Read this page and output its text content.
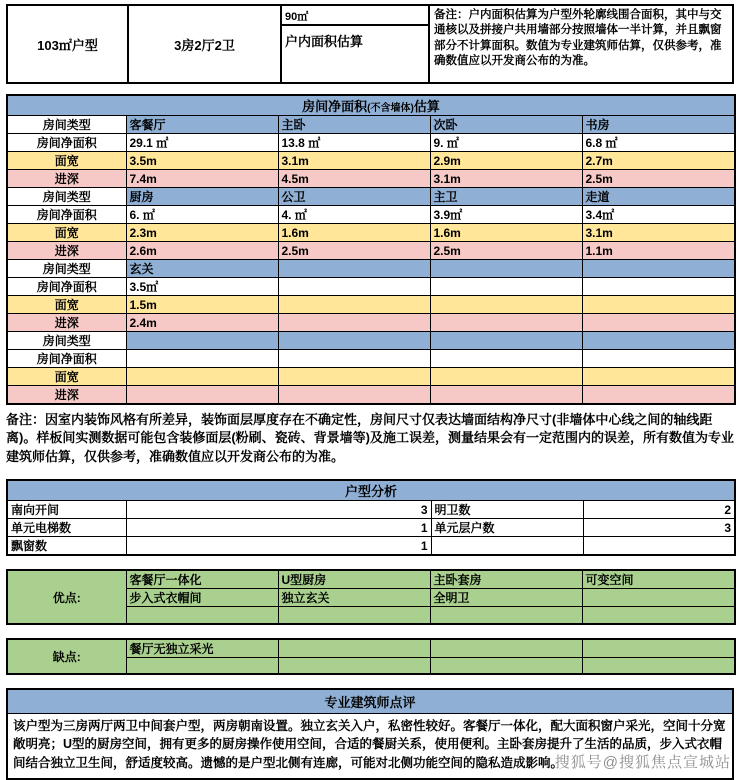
103㎡户型	3房2厅2卫
90㎡
户内面积估算
备注：户内面积估算为户型外轮廓线围合面积，其中与交通核以及拼接户共用墙部分按照墙体一半计算，并且飘窗部分不计算面积。数值为专业建筑师估算，仅供参考，准确数值应以开发商公布的为准。
房间净面积(不含墙体)估算				
房间类型	客餐厅	主卧	次卧	书房
房间净面积	29.1 ㎡	13.8 ㎡	9. ㎡	6.8 ㎡
面宽	3.5m	3.1m	2.9m	2.7m
进深	7.4m	4.5m	3.1m	2.5m
房间类型	厨房	公卫	主卫	走道
房间净面积	6. ㎡	4. ㎡	3.9㎡	3.4㎡
面宽	2.3m	1.6m	1.6m	3.1m
进深	2.6m	2.5m	2.5m	1.1m
房间类型	玄关			
房间净面积	3.5㎡			
面宽	1.5m			
进深	2.4m			
房间类型				
房间净面积				
面宽				
进深				
备注：因室内装饰风格有所差异，装饰面层厚度存在不确定性，房间尺寸仅表达墙面结构净尺寸(非墙体中心线之间的轴线距离)。样板间实测数据可能包含装修面层(粉刷、瓷砖、背景墙等)及施工误差，测量结果会有一定范围内的误差，所有数值为专业建筑师估算，仅供参考，准确数值应以开发商公布的为准。
户型分析			
南向开间	3	明卫数	2
单元电梯数	1	单元层户数	3
飘窗数	1		
优点:	客餐厅一体化	U型厨房	主卧套房	可变空间
	步入式衣帽间	独立玄关	全明卫	

缺点:	餐厅无独立采光			

专业建筑师点评
该户型为三房两厅两卫中间套户型，两房朝南设置。独立玄关入户，私密性较好。客餐厅一体化，配大面积窗户采光，空间十分宽敞明亮；U型的厨房空间，拥有更多的厨房操作使用空间，合适的餐厨关系，使用便利。主卧套房提升了生活的品质，步入式衣帽间结合独立卫生间，舒适度较高。遗憾的是户型北侧有连廊，可能对北侧功能空间的隐私造成影响。
搜狐号@搜狐焦点宣城站
